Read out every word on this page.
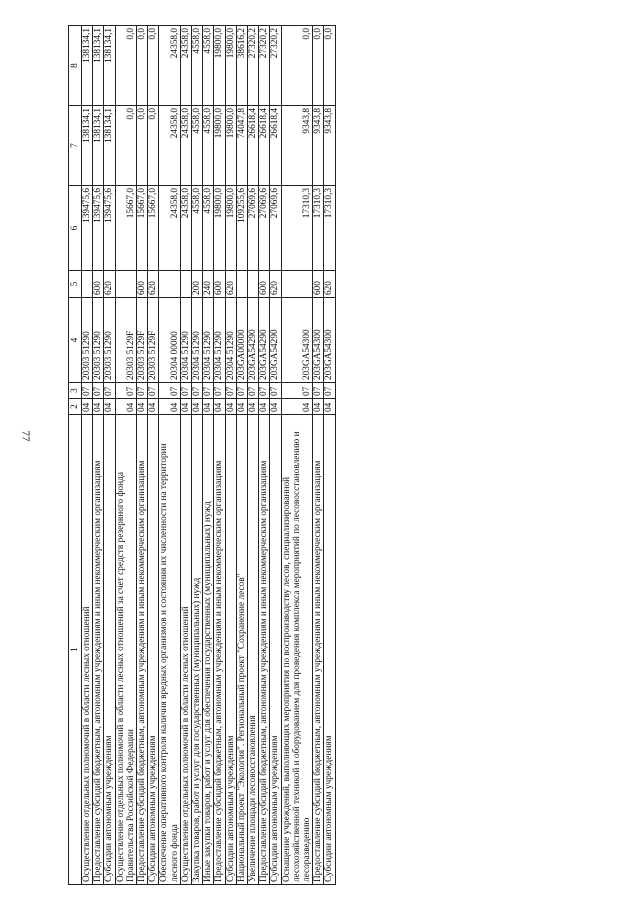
77
1	2	3	4	5	6	7	8
Осуществление отдельных полномочий в области лесных отношений	04	07	20303 51290		139475,6	138134,1	138134,1
Предоставление субсидий бюджетным, автономным учреждениям и иным некоммерческим организациям	04	07	20303 51290	600	139475,6	138134,1	138134,1
Субсидии автономным учреждениям	04	07	20303 51290	620	139475,6	138134,1	138134,1
Осуществление отдельных полномочий в области лесных отношений за счет средств резервного фонда Правительства Российской Федерации	04	07	20303 5129F		15667,0	0,0	0,0
Предоставление субсидий бюджетным, автономным учреждениям и иным некоммерческим организациям	04	07	20303 5129F	600	15667,0	0,0	0,0
Субсидии автономным учреждениям	04	07	20303 5129F	620	15667,0	0,0	0,0
Обеспечение оперативного контроля наличия вредных организмов и состояния их численности на территории лесного фонда	04	07	20304 00000		24358,0	24358,0	24358,0
Осуществление отдельных полномочий в области лесных отношений	04	07	20304 51290		24358,0	24358,0	24358,0
Закупка товаров, работ и услуг для государственных (муниципальных) нужд	04	07	20304 51290	200	4558,0	4558,0	4558,0
Иные закупки товаров, работ и услуг для обеспечения государственных (муниципальных) нужд	04	07	20304 51290	240	4558,0	4558,0	4558,0
Предоставление субсидий бюджетным, автономным учреждениям и иным некоммерческим организациям	04	07	20304 51290	600	19800,0	19800,0	19800,0
Субсидии автономным учреждениям	04	07	20304 51290	620	19800,0	19800,0	19800,0
Национальный проект "Экология". Региональный проект "Сохранение лесов"	04	07	203GA00000		109255,6	74047,8	38616,2
Увеличение площади лесовосстановления	04	07	203GA54290		27069,6	26618,4	27320,2
Предоставление субсидий бюджетным, автономным учреждениям и иным некоммерческим организациям	04	07	203GA54290	600	27069,6	26618,4	27320,2
Субсидии автономным учреждениям	04	07	203GA54290	620	27069,6	26618,4	27320,2
Оснащение учреждений, выполняющих мероприятия по воспроизводству лесов, специализированной лесохозяйственной техникой и оборудованием для проведения комплекса мероприятий по лесовосстановлению и лесоразведению	04	07	203GA54300		17310,3	9343,8	0,0
Предоставление субсидий бюджетным, автономным учреждениям и иным некоммерческим организациям	04	07	203GA54300	600	17310,3	9343,8	0,0
Субсидии автономным учреждениям	04	07	203GA54300	620	17310,3	9343,8	0,0
